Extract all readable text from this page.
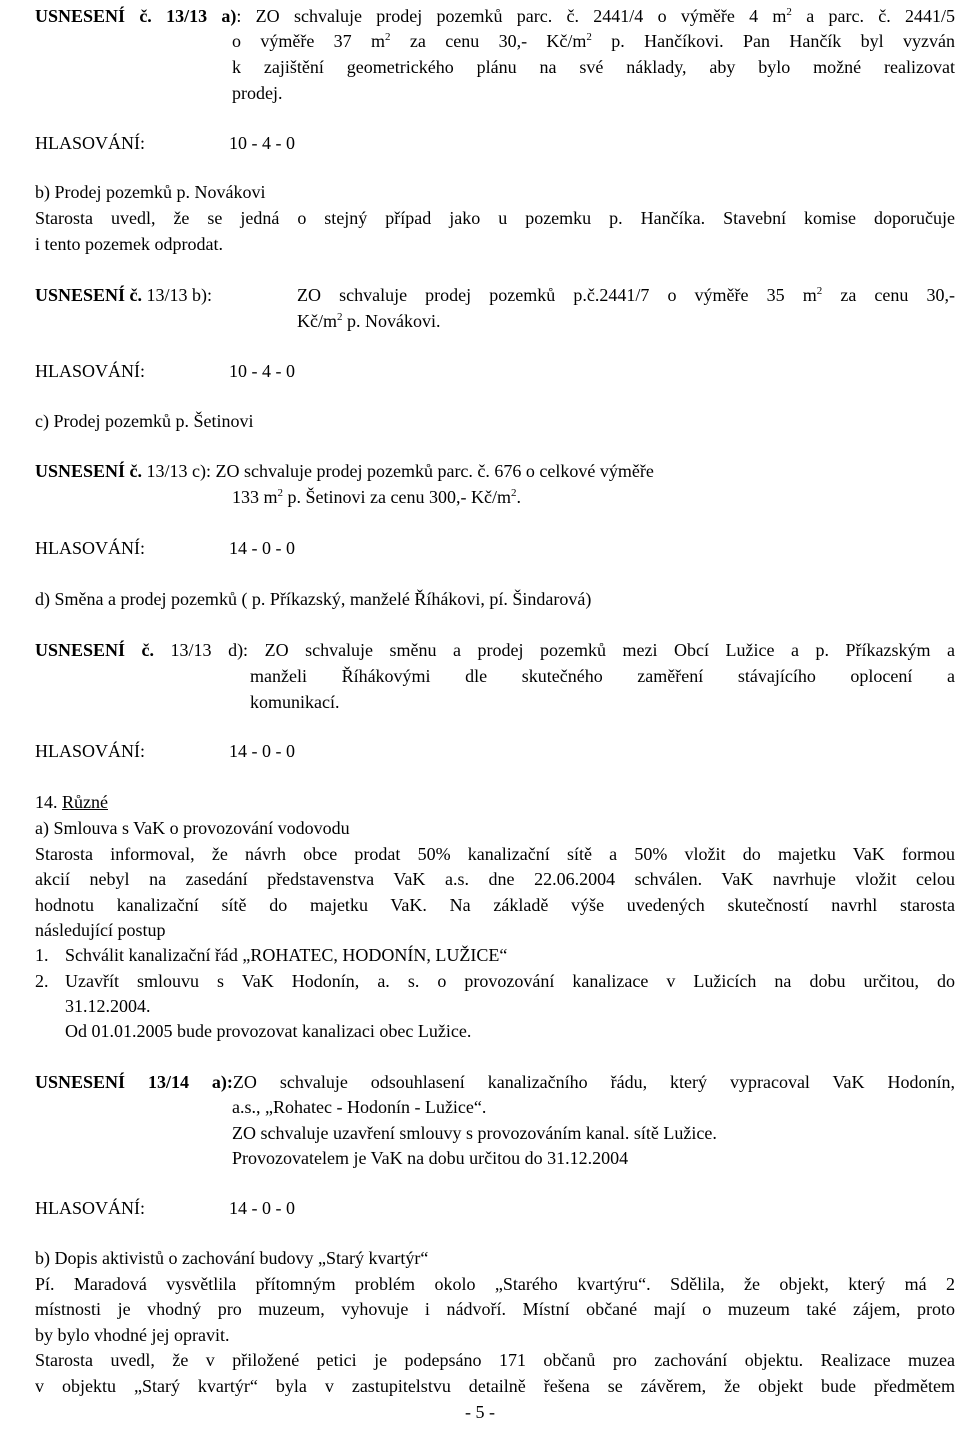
USNESENÍ č. 13/13 a): ZO schvaluje prodej pozemků parc. č. 2441/4 o výměře 4 $m^2$ a parc. č. 2441/5
o výměře 37 $m^2$ za cenu 30,- $Kč/m^2$ p. Hančíkovi. Pan Hančík byl vyzván
k zajištění geometrického plánu na své náklady, aby bylo možné realizovat
prodej.
HLASOVÁNÍ:	10 - 4 - 0
b) Prodej pozemků p. Novákovi
Starosta uvedl, že se jedná o stejný případ jako u pozemku p. Hančíka. Stavební komise doporučuje
i tento pozemek odprodat.
USNESENÍ č. 13/13 b):	ZO schvaluje prodej pozemků p.č.2441/7 o výměře 35 $m^2$ za cenu 30,-
$Kč/m^2$ p. Novákovi.
HLASOVÁNÍ:	10 - 4 - 0
c) Prodej pozemků p. Šetinovi
USNESENÍ č. 13/13 c): ZO schvaluje prodej pozemků parc. č. 676 o celkové výměře
133 $m^2$ p. Šetinovi za cenu 300,- $Kč/m^2$.
HLASOVÁNÍ:	14 - 0 - 0
d) Směna a prodej pozemků ( p. Příkazský, manželé Říhákovi, pí. Šindarová)
USNESENÍ č. 13/13 d): ZO schvaluje směnu a prodej pozemků mezi Obcí Lužice a p. Příkazským a
manželi Říhákovými dle skutečného zaměření stávajícího oplocení a
komunikací.
HLASOVÁNÍ:	14 - 0 - 0
14. Různé
a) Smlouva s VaK o provozování vodovodu
Starosta informoval, že návrh obce prodat 50% kanalizační sítě a 50% vložit do majetku VaK formou
akcií nebyl na zasedání představenstva VaK a.s. dne 22.06.2004 schválen. VaK navrhuje vložit celou
hodnotu kanalizační sítě do majetku VaK. Na základě výše uvedených skutečností navrhl starosta
následující postup
1. Schválit kanalizační řád „ROHATEC, HODONÍN, LUŽICE“
2. Uzavřít smlouvu s VaK Hodonín, a. s. o provozování kanalizace v Lužicích na dobu určitou, do
31.12.2004.
Od 01.01.2005 bude provozovat kanalizaci obec Lužice.
USNESENÍ 13/14 a):ZO schvaluje odsouhlasení kanalizačního řádu, který vypracoval VaK Hodonín,
a.s., „Rohatec - Hodonín - Lužice“.
ZO schvaluje uzavření smlouvy s provozováním kanal. sítě Lužice.
Provozovatelem je VaK na dobu určitou do 31.12.2004
HLASOVÁNÍ:	14 - 0 - 0
b) Dopis aktivistů o zachování budovy „Starý kvartýr“
Pí. Maradová vysvětlila přítomným problém okolo „Starého kvartýru“. Sdělila, že objekt, který má 2
místnosti je vhodný pro muzeum, vyhovuje i nádvoří. Místní občané mají o muzeum také zájem, proto
by bylo vhodné jej opravit.
Starosta uvedl, že v přiložené petici je podepsáno 171 občanů pro zachování objektu. Realizace muzea
v objektu „Starý kvartýr“ byla v zastupitelstvu detailně řešena se závěrem, že objekt bude předmětem
- 5 -
